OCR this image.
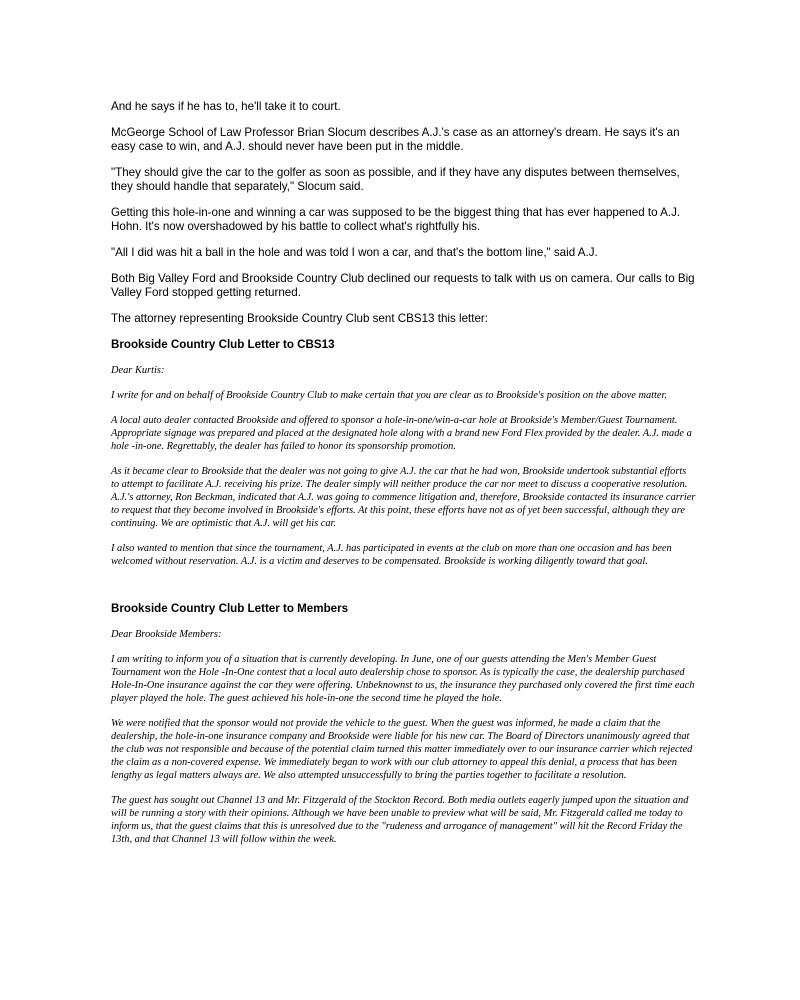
And he says if he has to, he'll take it to court.

McGeorge School of Law Professor Brian Slocum describes A.J.'s case as an attorney's dream. He says it's an easy case to win, and A.J. should never have been put in the middle.

"They should give the car to the golfer as soon as possible, and if they have any disputes between themselves, they should handle that separately," Slocum said.

Getting this hole-in-one and winning a car was supposed to be the biggest thing that has ever happened to A.J. Hohn. It's now overshadowed by his battle to collect what's rightfully his.

"All I did was hit a ball in the hole and was told I won a car, and that's the bottom line," said A.J.

Both Big Valley Ford and Brookside Country Club declined our requests to talk with us on camera. Our calls to Big Valley Ford stopped getting returned.

The attorney representing Brookside Country Club sent CBS13 this letter:

Brookside Country Club Letter to CBS13

Dear Kurtis:

I write for and on behalf of Brookside Country Club to make certain that you are clear as to Brookside's position on the above matter.

A local auto dealer contacted Brookside and offered to sponsor a hole-in-one/win-a-car hole at Brookside's Member/Guest Tournament. Appropriate signage was prepared and placed at the designated hole along with a brand new Ford Flex provided by the dealer. A.J. made a hole -in-one. Regrettably, the dealer has failed to honor its sponsorship promotion.

As it became clear to Brookside that the dealer was not going to give A.J. the car that he had won, Brookside undertook substantial efforts to attempt to facilitate A.J. receiving his prize. The dealer simply will neither produce the car nor meet to discuss a cooperative resolution. A.J.'s attorney, Ron Beckman, indicated that A.J. was going to commence litigation and, therefore, Brookside contacted its insurance carrier to request that they become involved in Brookside's efforts. At this point, these efforts have not as of yet been successful, although they are continuing. We are optimistic that A.J. will get his car.

I also wanted to mention that since the tournament, A.J. has participated in events at the club on more than one occasion and has been welcomed without reservation. A.J. is a victim and deserves to be compensated. Brookside is working diligently toward that goal.

Brookside Country Club Letter to Members

Dear Brookside Members:

I am writing to inform you of a situation that is currently developing. In June, one of our guests attending the Men's Member Guest Tournament won the Hole -In-One contest that a local auto dealership chose to sponsor. As is typically the case, the dealership purchased Hole-In-One insurance against the car they were offering. Unbeknownst to us, the insurance they purchased only covered the first time each player played the hole. The guest achieved his hole-in-one the second time he played the hole.

We were notified that the sponsor would not provide the vehicle to the guest. When the guest was informed, he made a claim that the dealership, the hole-in-one insurance company and Brookside were liable for his new car. The Board of Directors unanimously agreed that the club was not responsible and because of the potential claim turned this matter immediately over to our insurance carrier which rejected the claim as a non-covered expense. We immediately began to work with our club attorney to appeal this denial, a process that has been lengthy as legal matters always are. We also attempted unsuccessfully to bring the parties together to facilitate a resolution.

The guest has sought out Channel 13 and Mr. Fitzgerald of the Stockton Record. Both media outlets eagerly jumped upon the situation and will be running a story with their opinions. Although we have been unable to preview what will be said, Mr. Fitzgerald called me today to inform us, that the guest claims that this is unresolved due to the "rudeness and arrogance of management" will hit the Record Friday the 13th, and that Channel 13 will follow within the week.
